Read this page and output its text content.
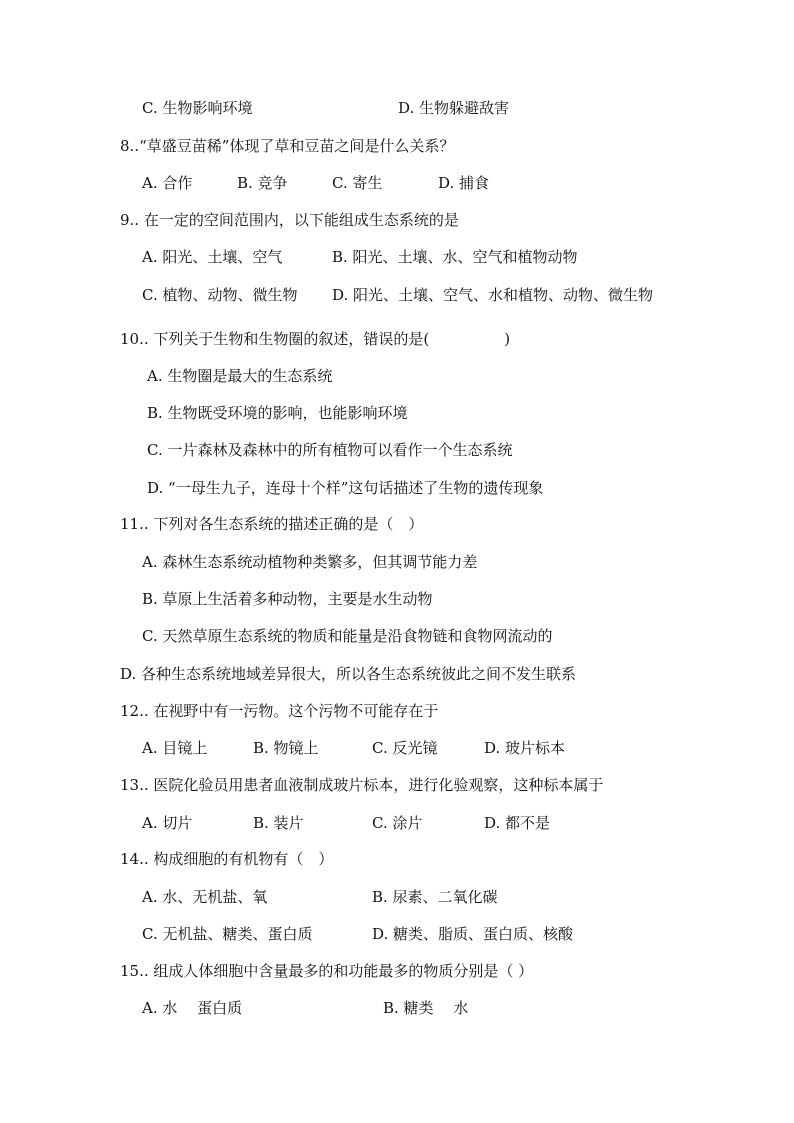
C. 生物影响环境	D. 生物躲避敌害
8..“草盛豆苗稀”体现了草和豆苗之间是什么关系？
A. 合作	B. 竞争	C. 寄生	D. 捕食
9.. 在一定的空间范围内，以下能组成生态系统的是
A. 阳光、土壤、空气	B. 阳光、土壤、水、空气和植物动物
C. 植物、动物、微生物 D. 阳光、土壤、空气、水和植物、动物、微生物
10.. 下列关于生物和生物圈的叙述，错误的是(　　　　　)
A. 生物圈是最大的生态系统
B. 生物既受环境的影响，也能影响环境
C. 一片森林及森林中的所有植物可以看作一个生态系统
D. “一母生九子，连母十个样”这句话描述了生物的遗传现象
11.. 下列对各生态系统的描述正确的是（　）
A. 森林生态系统动植物种类繁多，但其调节能力差
B. 草原上生活着多种动物，主要是水生动物
C. 天然草原生态系统的物质和能量是沿食物链和食物网流动的
D. 各种生态系统地域差异很大，所以各生态系统彼此之间不发生联系
12.. 在视野中有一污物。这个污物不可能存在于
A. 目镜上	B. 物镜上	C. 反光镜	D. 玻片标本
13.. 医院化验员用患者血液制成玻片标本，进行化验观察，这种标本属于
A. 切片	B. 装片	C. 涂片	D. 都不是
14.. 构成细胞的有机物有（　）
A. 水、无机盐、氧	B. 尿素、二氧化碳
C. 无机盐、糖类、蛋白质	D. 糖类、脂质、蛋白质、核酸
15.. 组成人体细胞中含量最多的和功能最多的物质分别是（ ）
A. 水　 蛋白质	B. 糖类　 水
